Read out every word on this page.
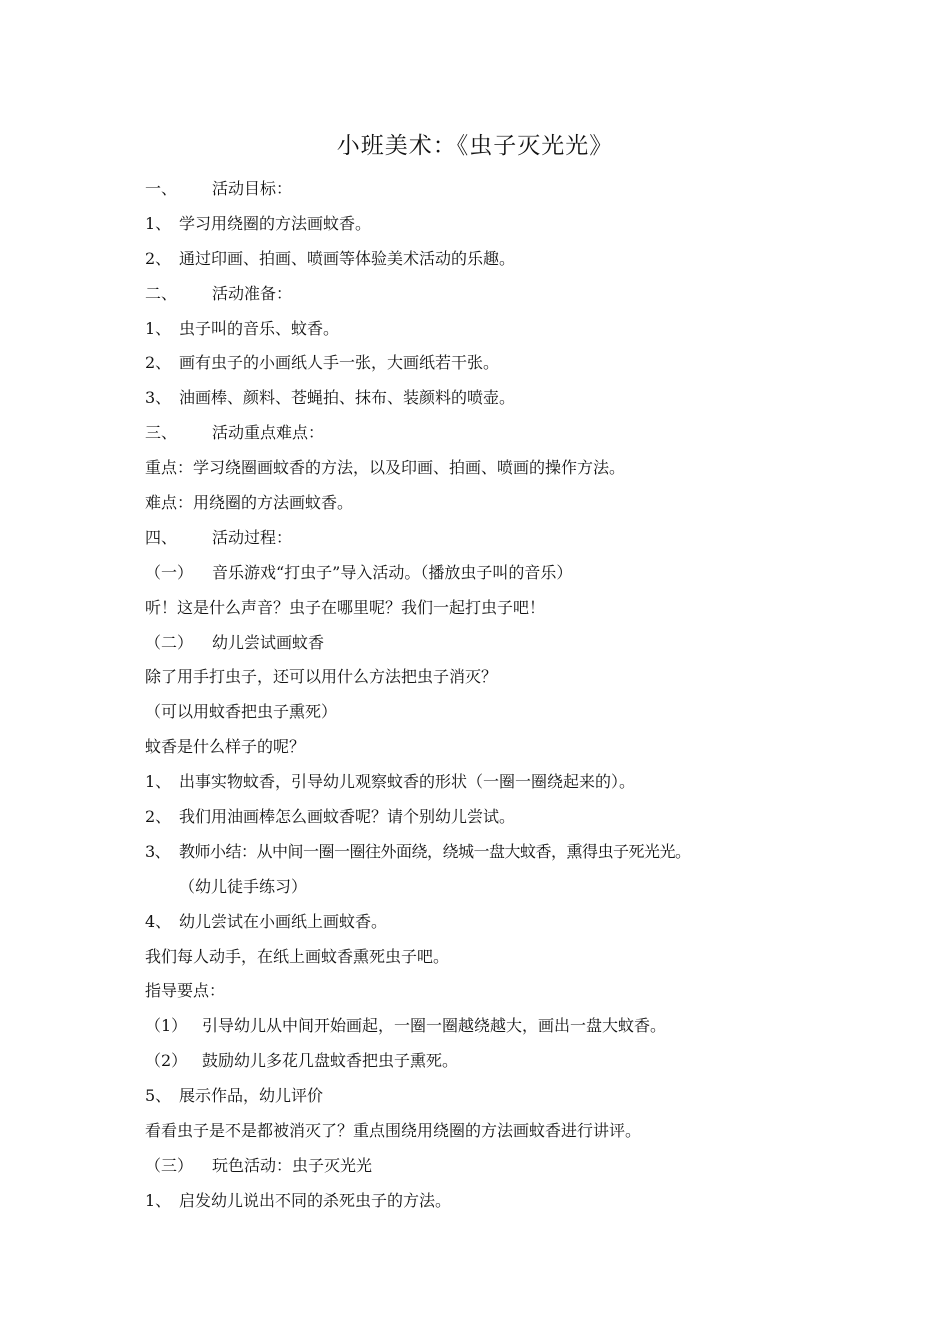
小班美术：《虫子灭光光》
一、 活动目标：
1、 学习用绕圈的方法画蚊香。
2、 通过印画、拍画、喷画等体验美术活动的乐趣。
二、 活动准备：
1、 虫子叫的音乐、蚊香。
2、 画有虫子的小画纸人手一张，大画纸若干张。
3、 油画棒、颜料、苍蝇拍、抹布、装颜料的喷壶。
三、 活动重点难点：
重点：学习绕圈画蚊香的方法，以及印画、拍画、喷画的操作方法。
难点：用绕圈的方法画蚊香。
四、 活动过程：
（一） 音乐游戏“打虫子”导入活动。（播放虫子叫的音乐）
听！这是什么声音？虫子在哪里呢？我们一起打虫子吧！
（二） 幼儿尝试画蚊香
除了用手打虫子，还可以用什么方法把虫子消灭？
（可以用蚊香把虫子熏死）
蚊香是什么样子的呢？
1、 出事实物蚊香，引导幼儿观察蚊香的形状（一圈一圈绕起来的）。
2、 我们用油画棒怎么画蚊香呢？请个别幼儿尝试。
3、 教师小结：从中间一圈一圈往外面绕，绕城一盘大蚊香，熏得虫子死光光。
（幼儿徒手练习）
4、 幼儿尝试在小画纸上画蚊香。
我们每人动手，在纸上画蚊香熏死虫子吧。
指导要点：
（1） 引导幼儿从中间开始画起，一圈一圈越绕越大，画出一盘大蚊香。
（2） 鼓励幼儿多花几盘蚊香把虫子熏死。
5、 展示作品，幼儿评价
看看虫子是不是都被消灭了？重点围绕用绕圈的方法画蚊香进行讲评。
（三） 玩色活动：虫子灭光光
1、 启发幼儿说出不同的杀死虫子的方法。
